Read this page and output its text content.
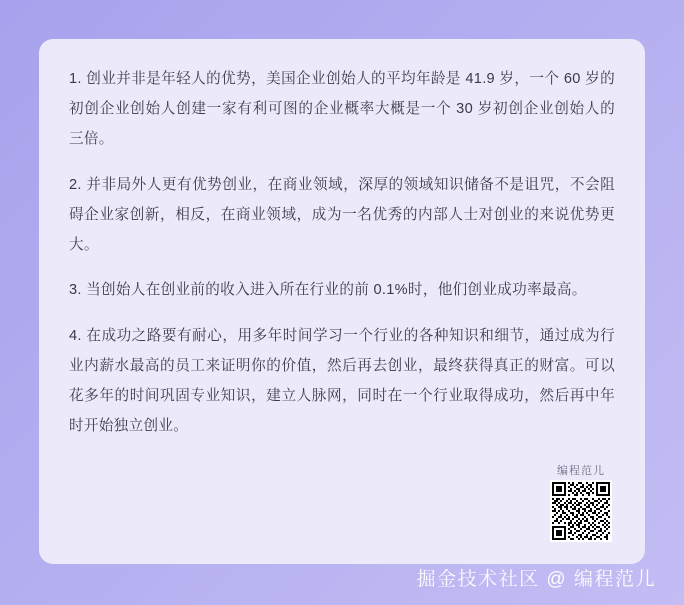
1. 创业并非是年轻人的优势，美国企业创始人的平均年龄是 41.9 岁，一个 60 岁的初创企业创始人创建一家有利可图的企业概率大概是一个 30 岁初创企业创始人的三倍。

2. 并非局外人更有优势创业，在商业领域，深厚的领域知识储备不是诅咒，不会阻碍企业家创新，相反，在商业领域，成为一名优秀的内部人士对创业的来说优势更大。

3. 当创始人在创业前的收入进入所在行业的前 0.1%时，他们创业成功率最高。

4. 在成功之路要有耐心，用多年时间学习一个行业的各种知识和细节，通过成为行业内薪水最高的员工来证明你的价值，然后再去创业，最终获得真正的财富。可以花多年的时间巩固专业知识，建立人脉网，同时在一个行业取得成功，然后再中年时开始独立创业。

编程范儿
掘金技术社区 @ 编程范儿
